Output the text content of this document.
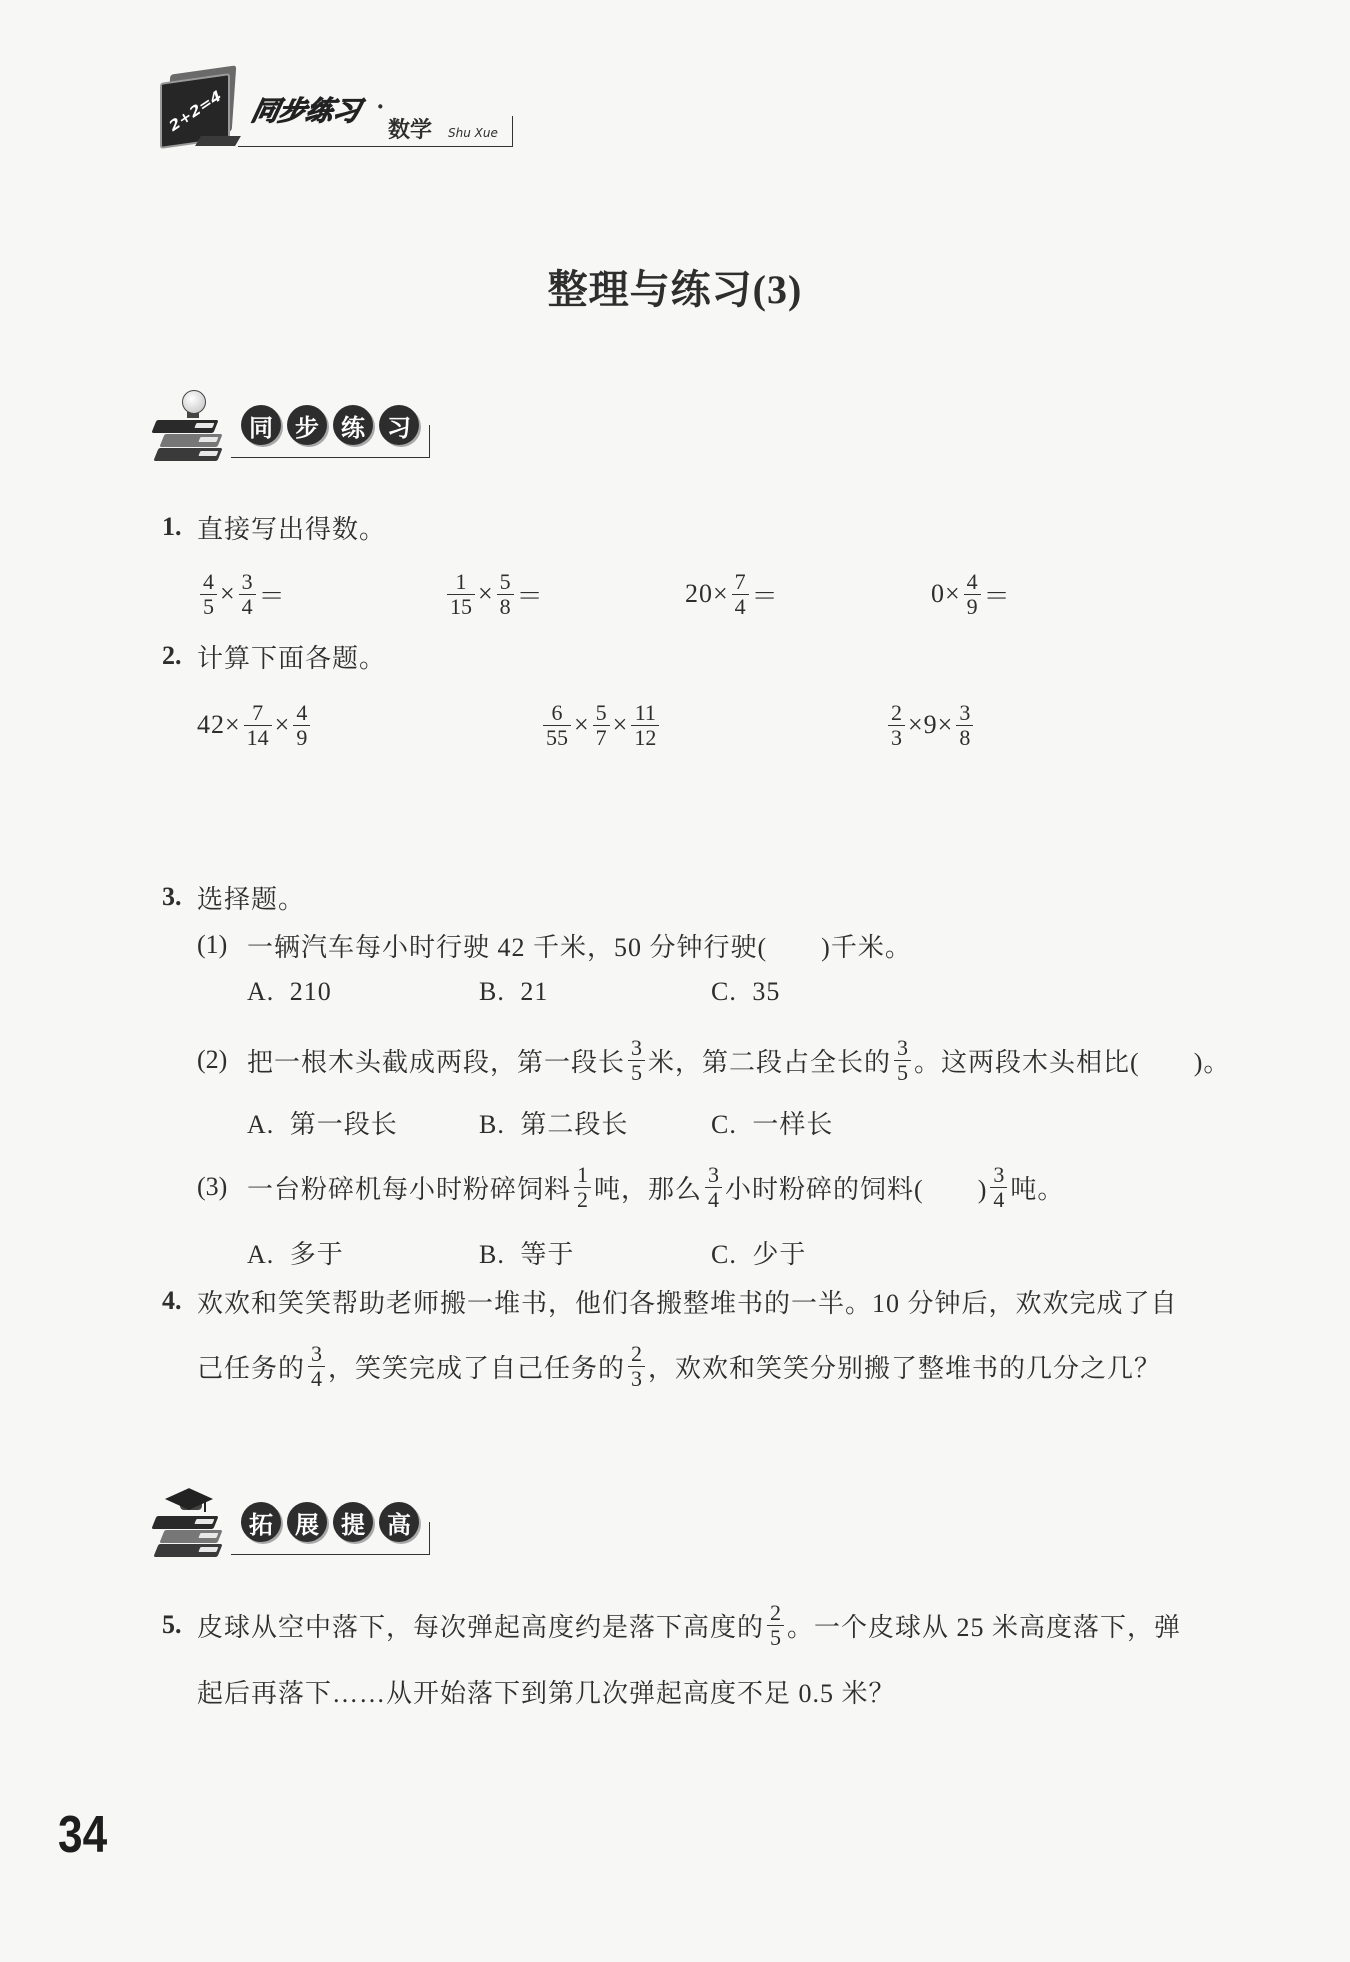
2+2=4 同步练习 ·
数学 Shu Xue
整理与练习(3)
同 步 练 习
1. 直接写出得数。
$\frac{4}{5} \times \frac{3}{4}$ ＝	$\frac{1}{15} \times \frac{5}{8}$ ＝	$20\times \frac{7}{4}$ ＝	$0\times \frac{4}{9}$ ＝
2. 计算下面各题。
$42\times \frac{7}{14} \times \frac{4}{9}$	$\frac{6}{55} \times \frac{5}{7} \times \frac{11}{12}$	$\frac{2}{3} \times 9\times \frac{3}{8}$
3. 选择题。
(1) 一辆汽车每小时行驶 42 千米，50 分钟行驶(　　)千米。
A. 210	B. 21	C. 35
(2) 把一根木头截成两段，第一段长 $\frac{3}{5}$ 米，第二段占全长的 $\frac{3}{5}$ 。这两段木头相比(　　)。
A. 第一段长	B. 第二段长	C. 一样长
(3) 一台粉碎机每小时粉碎饲料 $\frac{1}{2}$ 吨，那么 $\frac{3}{4}$ 小时粉碎的饲料(　　) $\frac{3}{4}$ 吨。
A. 多于	B. 等于	C. 少于
4. 欢欢和笑笑帮助老师搬一堆书，他们各搬整堆书的一半。10 分钟后，欢欢完成了自
己任务的 $\frac{3}{4}$ ，笑笑完成了自己任务的 $\frac{2}{3}$ ，欢欢和笑笑分别搬了整堆书的几分之几？
拓 展 提 高
5. 皮球从空中落下，每次弹起高度约是落下高度的 $\frac{2}{5}$ 。一个皮球从 25 米高度落下，弹
起后再落下……从开始落下到第几次弹起高度不足 0.5 米？
34
